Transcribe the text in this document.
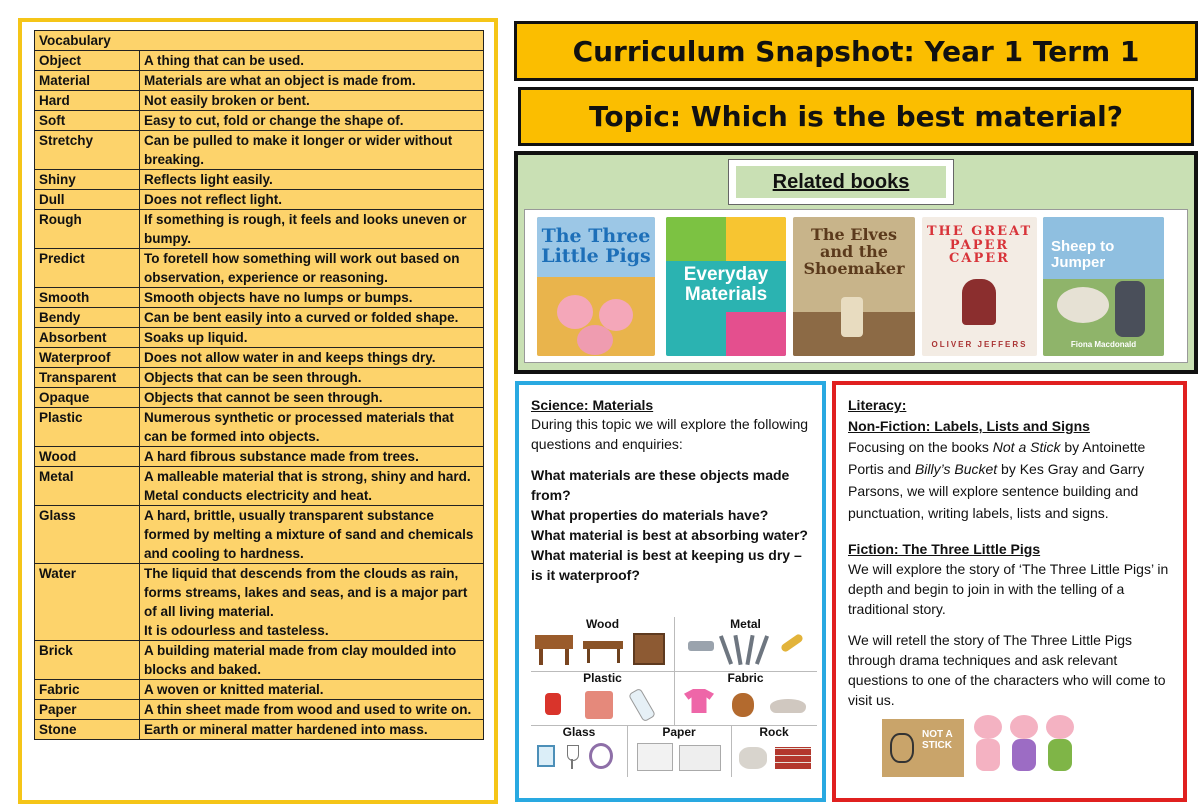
Vocabulary	
Object	A thing that can be used.
Material	Materials are what an object is made from.
Hard	Not easily broken or bent.
Soft	Easy to cut, fold or change the shape of.
Stretchy	Can be pulled to make it longer or wider without breaking.
Shiny	Reflects light easily.
Dull	Does not reflect light.
Rough	If something is rough, it feels and looks uneven or bumpy.
Predict	To foretell how something will work out based on observation, experience or reasoning.
Smooth	Smooth objects have no lumps or bumps.
Bendy	Can be bent easily into a curved or folded shape.
Absorbent	Soaks up liquid.
Waterproof	Does not allow water in and keeps things dry.
Transparent	Objects that can be seen through.
Opaque	Objects that cannot be seen through.
Plastic	Numerous synthetic or processed materials that can be formed into objects.
Wood	A hard fibrous substance made from trees.
Metal	A malleable material that is strong, shiny and hard. Metal conducts electricity and heat.
Glass	A hard, brittle, usually transparent substance formed by melting a mixture of sand and chemicals and cooling to hardness.
Water	The liquid that descends from the clouds as rain, forms streams, lakes and seas, and is a major part of all living material.
It is odourless and tasteless.
Brick	A building material made from clay moulded into blocks and baked.
Fabric	A woven or knitted material.
Paper	A thin sheet made from wood and used to write on.
Stone	Earth or mineral matter hardened into mass.
Curriculum Snapshot: Year 1 Term 1
Topic: Which is the best material?
Related books
The Three Little Pigs
Everyday Materials
The Elves and the Shoemaker
THE GREAT PAPER CAPER
OLIVER JEFFERS
Sheep to Jumper
Fiona Macdonald
Science: Materials
During this topic we will explore the following questions and enquiries:
What materials are these objects made from?
What properties do materials have?
What material is best at absorbing water?
What material is best at keeping us dry – is it waterproof?
Wood	Metal
Plastic	Fabric
Glass	Paper	Rock
Literacy:
Non-Fiction: Labels, Lists and Signs
Focusing on the books Not a Stick by Antoinette Portis and Billy’s Bucket by Kes Gray and Garry Parsons, we will explore sentence building and punctuation, writing labels, lists and signs.
Fiction: The Three Little Pigs
We will explore the story of ‘The Three Little Pigs’ in depth and begin to join in with the telling of a traditional story.
We will retell the story of The Three Little Pigs through drama techniques and ask relevant questions to one of the characters who will come to visit us.
NOT A STICK
